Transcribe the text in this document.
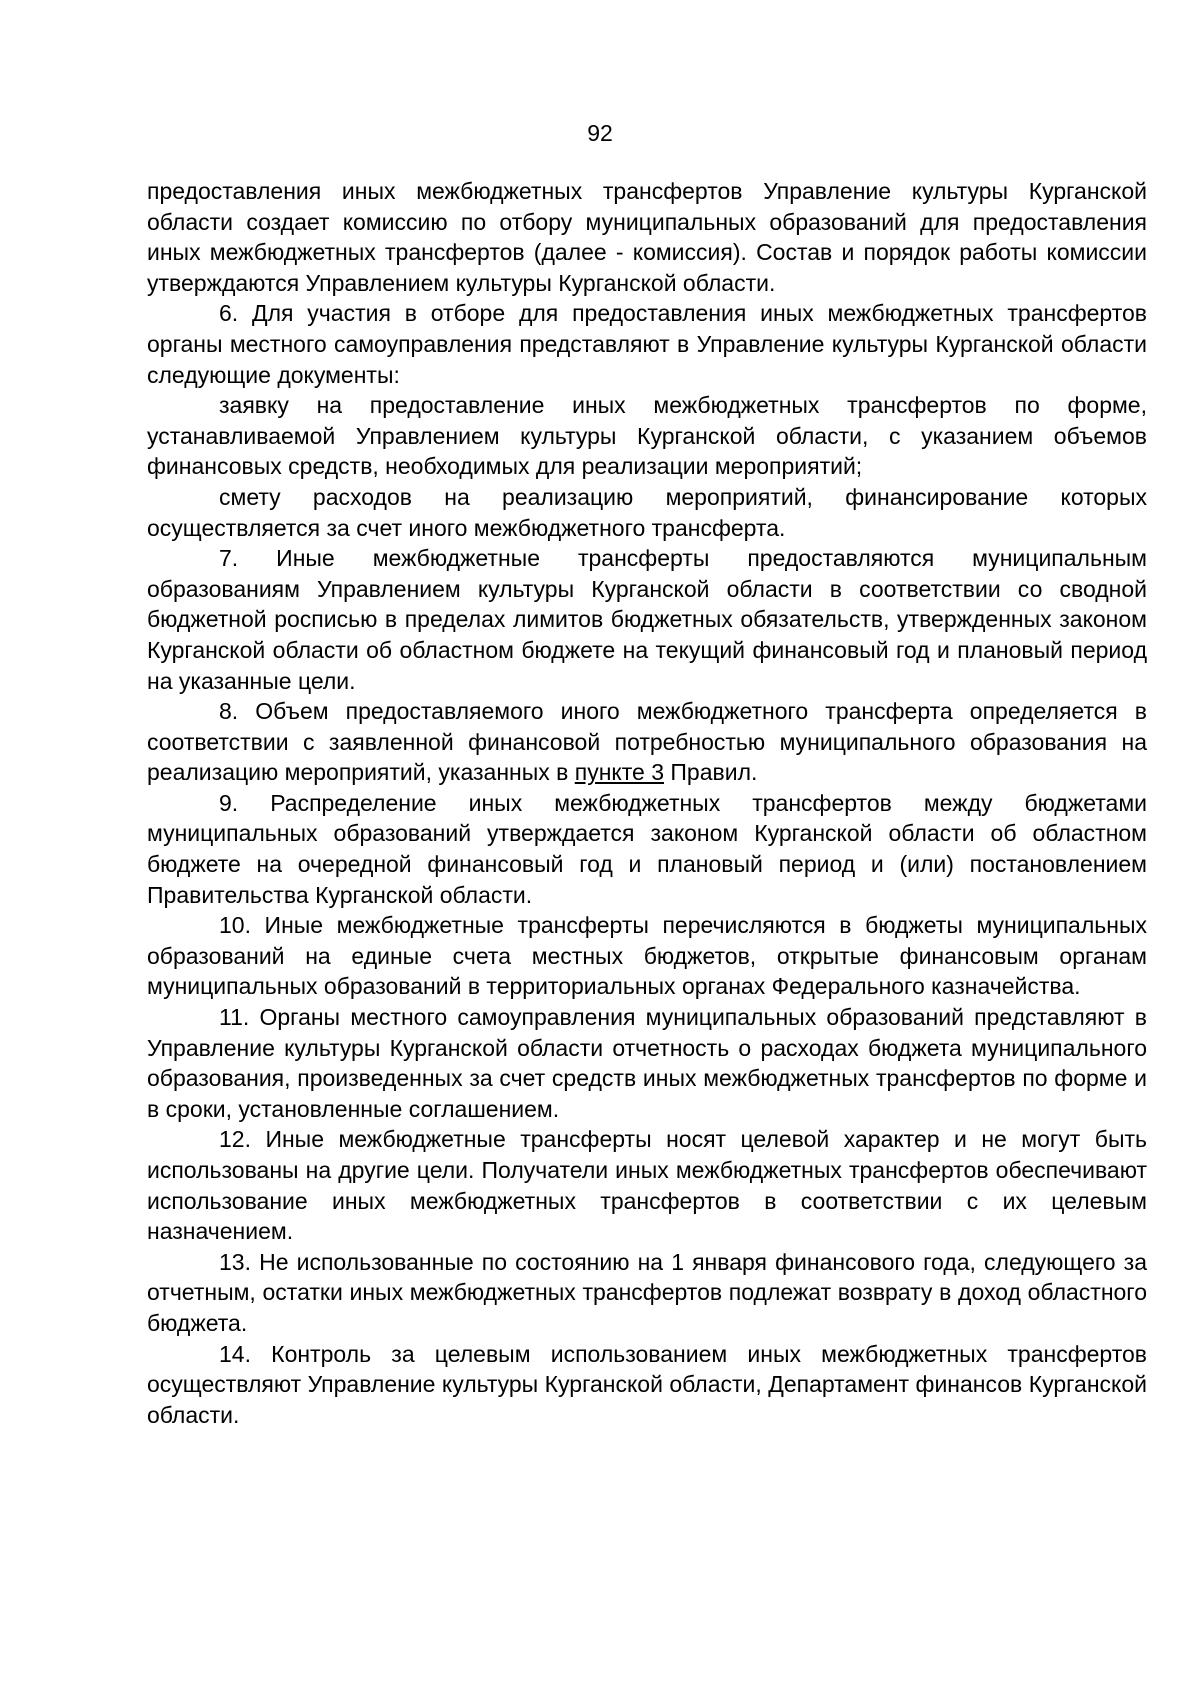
92

предоставления иных межбюджетных трансфертов Управление культуры Курганской области создает комиссию по отбору муниципальных образований для предоставления иных межбюджетных трансфертов (далее - комиссия). Состав и порядок работы комиссии утверждаются Управлением культуры Курганской области.

6. Для участия в отборе для предоставления иных межбюджетных трансфертов органы местного самоуправления представляют в Управление культуры Курганской области следующие документы:

заявку на предоставление иных межбюджетных трансфертов по форме, устанавливаемой Управлением культуры Курганской области, с указанием объемов финансовых средств, необходимых для реализации мероприятий;

смету расходов на реализацию мероприятий, финансирование которых осуществляется за счет иного межбюджетного трансферта.

7. Иные межбюджетные трансферты предоставляются муниципальным образованиям Управлением культуры Курганской области в соответствии со сводной бюджетной росписью в пределах лимитов бюджетных обязательств, утвержденных законом Курганской области об областном бюджете на текущий финансовый год и плановый период на указанные цели.

8. Объем предоставляемого иного межбюджетного трансферта определяется в соответствии с заявленной финансовой потребностью муниципального образования на реализацию мероприятий, указанных в пункте 3 Правил.

9. Распределение иных межбюджетных трансфертов между бюджетами муниципальных образований утверждается законом Курганской области об областном бюджете на очередной финансовый год и плановый период и (или) постановлением Правительства Курганской области.

10. Иные межбюджетные трансферты перечисляются в бюджеты муниципальных образований на единые счета местных бюджетов, открытые финансовым органам муниципальных образований в территориальных органах Федерального казначейства.

11. Органы местного самоуправления муниципальных образований представляют в Управление культуры Курганской области отчетность о расходах бюджета муниципального образования, произведенных за счет средств иных межбюджетных трансфертов по форме и в сроки, установленные соглашением.

12. Иные межбюджетные трансферты носят целевой характер и не могут быть использованы на другие цели. Получатели иных межбюджетных трансфертов обеспечивают использование иных межбюджетных трансфертов в соответствии с их целевым назначением.

13. Не использованные по состоянию на 1 января финансового года, следующего за отчетным, остатки иных межбюджетных трансфертов подлежат возврату в доход областного бюджета.

14. Контроль за целевым использованием иных межбюджетных трансфертов осуществляют Управление культуры Курганской области, Департамент финансов Курганской области.
